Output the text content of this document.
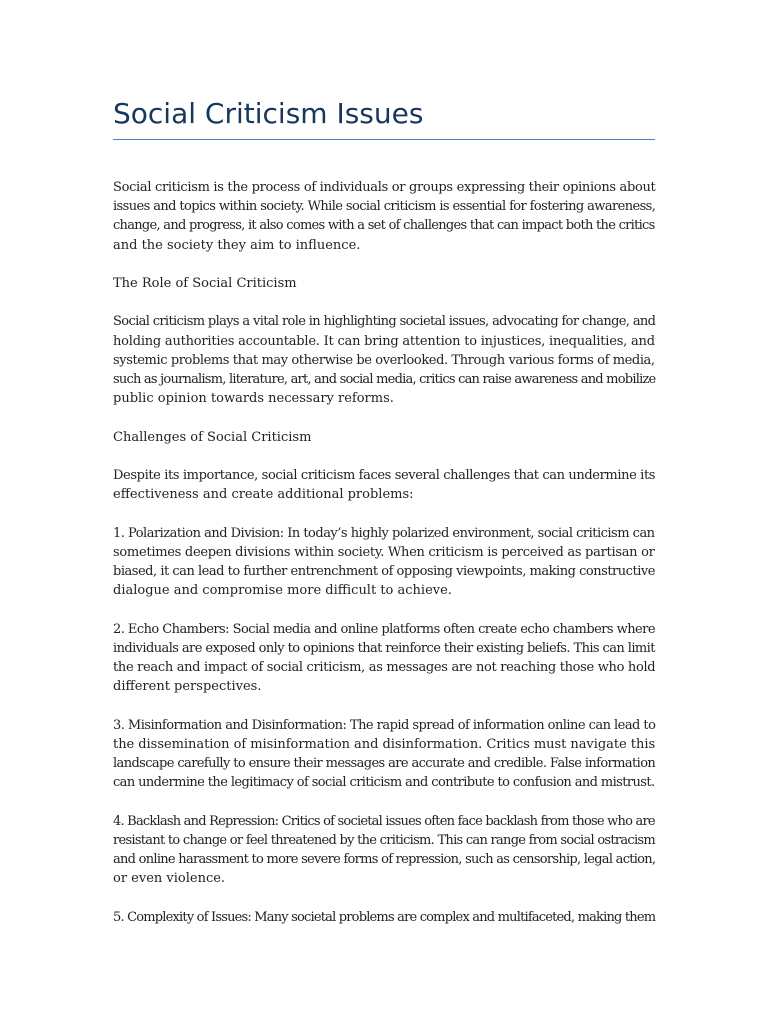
Social Criticism Issues

Social criticism is the process of individuals or groups expressing their opinions about
issues and topics within society. While social criticism is essential for fostering awareness,
change, and progress, it also comes with a set of challenges that can impact both the critics
and the society they aim to influence.

The Role of Social Criticism

Social criticism plays a vital role in highlighting societal issues, advocating for change, and
holding authorities accountable. It can bring attention to injustices, inequalities, and
systemic problems that may otherwise be overlooked. Through various forms of media,
such as journalism, literature, art, and social media, critics can raise awareness and mobilize
public opinion towards necessary reforms.

Challenges of Social Criticism

Despite its importance, social criticism faces several challenges that can undermine its
effectiveness and create additional problems:

1. Polarization and Division: In today’s highly polarized environment, social criticism can
sometimes deepen divisions within society. When criticism is perceived as partisan or
biased, it can lead to further entrenchment of opposing viewpoints, making constructive
dialogue and compromise more difficult to achieve.

2. Echo Chambers: Social media and online platforms often create echo chambers where
individuals are exposed only to opinions that reinforce their existing beliefs. This can limit
the reach and impact of social criticism, as messages are not reaching those who hold
different perspectives.

3. Misinformation and Disinformation: The rapid spread of information online can lead to
the dissemination of misinformation and disinformation. Critics must navigate this
landscape carefully to ensure their messages are accurate and credible. False information
can undermine the legitimacy of social criticism and contribute to confusion and mistrust.

4. Backlash and Repression: Critics of societal issues often face backlash from those who are
resistant to change or feel threatened by the criticism. This can range from social ostracism
and online harassment to more severe forms of repression, such as censorship, legal action,
or even violence.

5. Complexity of Issues: Many societal problems are complex and multifaceted, making them
